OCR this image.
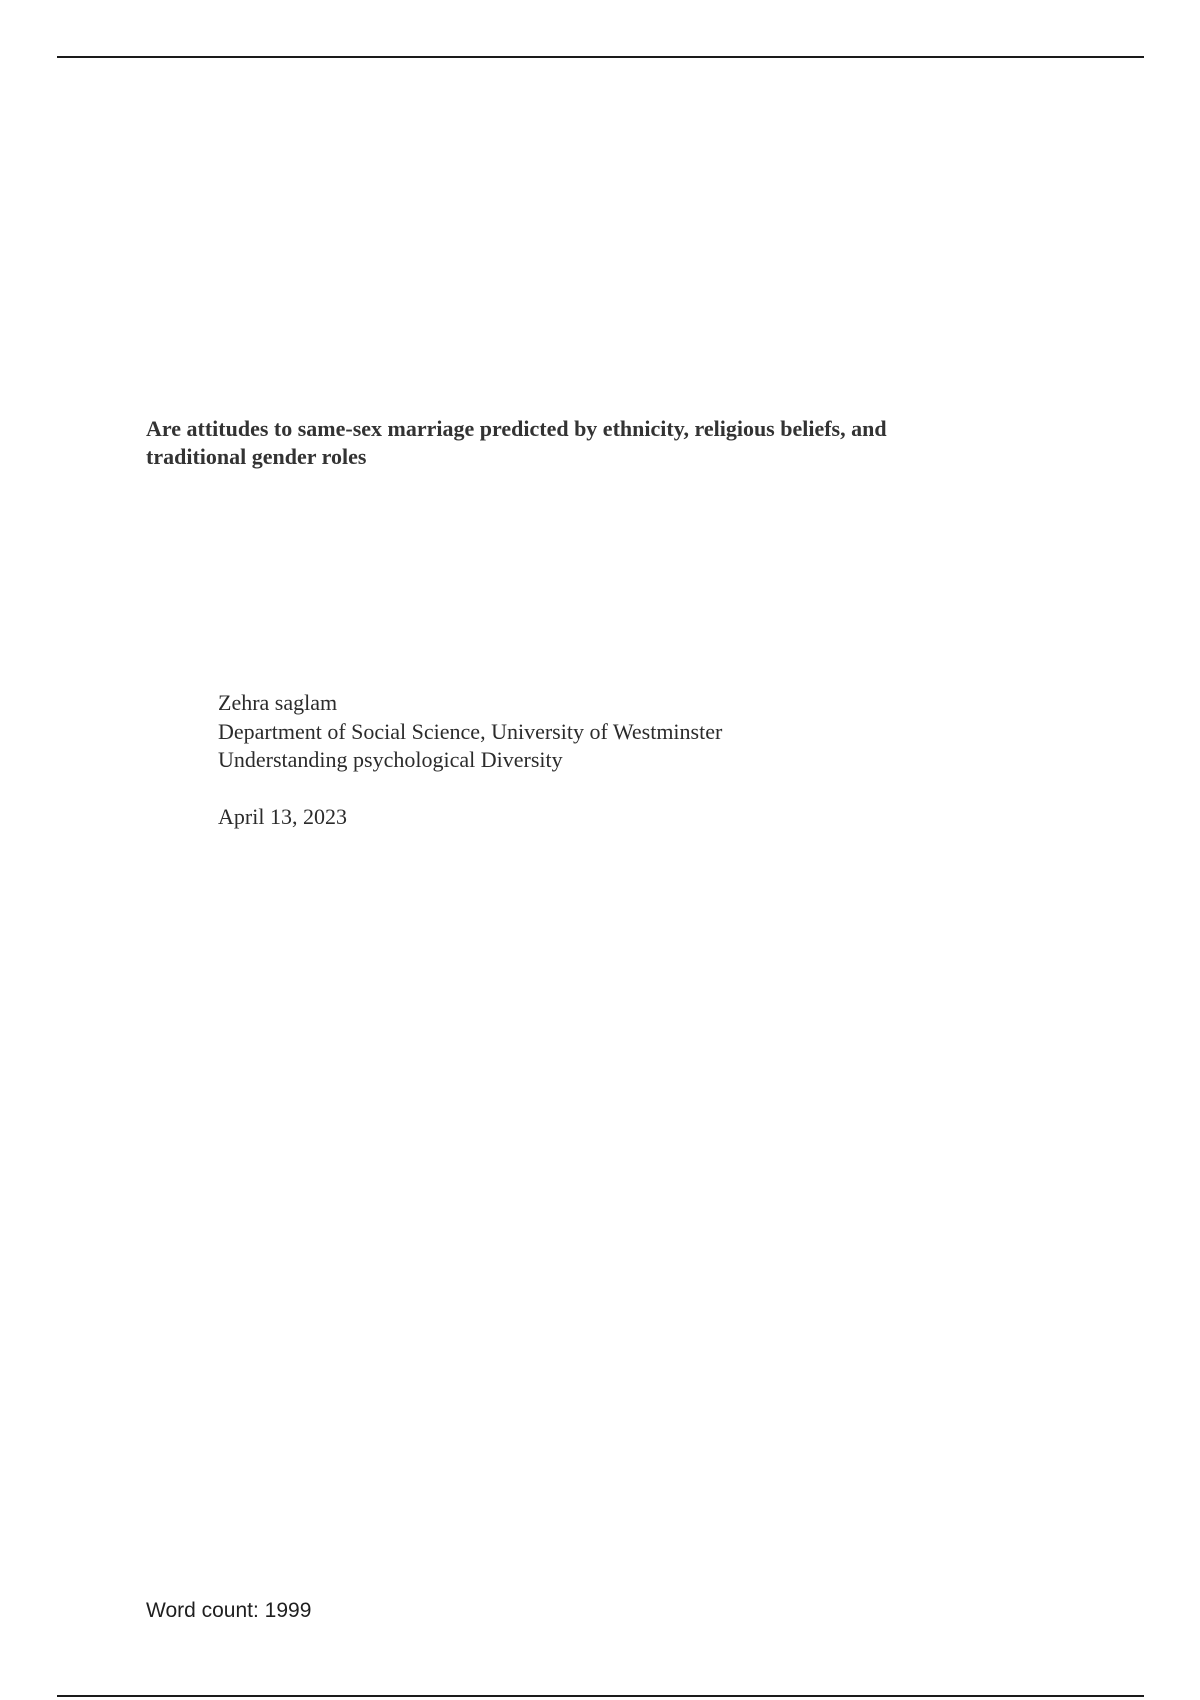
Are attitudes to same-sex marriage predicted by ethnicity, religious beliefs, and
traditional gender roles
Zehra saglam
Department of Social Science, University of Westminster
Understanding psychological Diversity
April 13, 2023
Word count: 1999
